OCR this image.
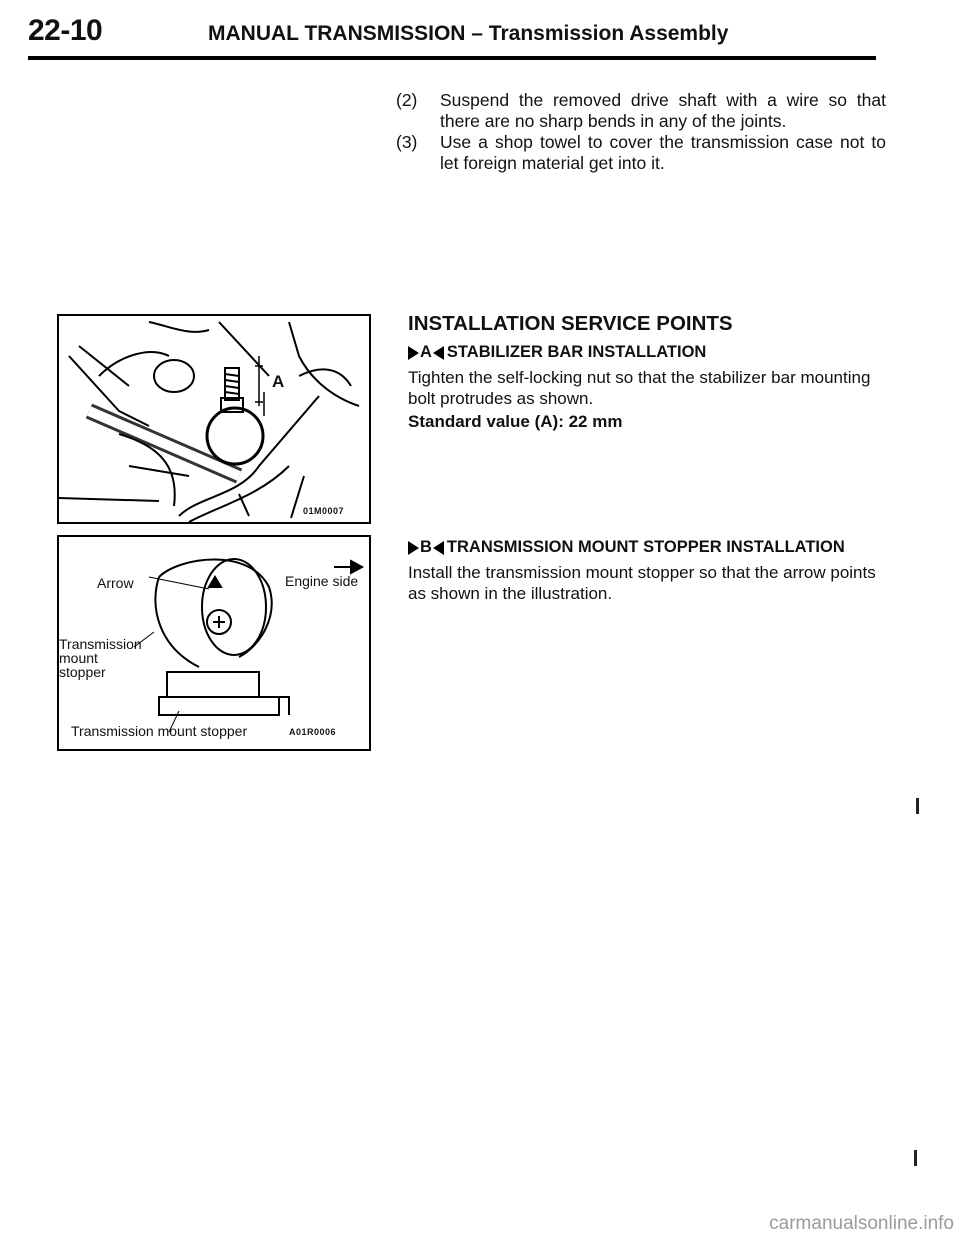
22-10	MANUAL TRANSMISSION – Transmission Assembly
(2)	Suspend the removed drive shaft with a wire so that there are no sharp bends in any of the joints.
(3)	Use a shop towel to cover the transmission case not to let foreign material get into it.
A
01M0007
Arrow	Engine side
Transmission
mount
stopper
Transmission mount stopper	A01R0006
INSTALLATION SERVICE POINTS
A STABILIZER BAR INSTALLATION
Tighten the self-locking nut so that the stabilizer bar mounting bolt protrudes as shown.
Standard value (A): 22 mm
B TRANSMISSION MOUNT STOPPER INSTALLATION
Install the transmission mount stopper so that the arrow points as shown in the illustration.
carmanualsonline.info
